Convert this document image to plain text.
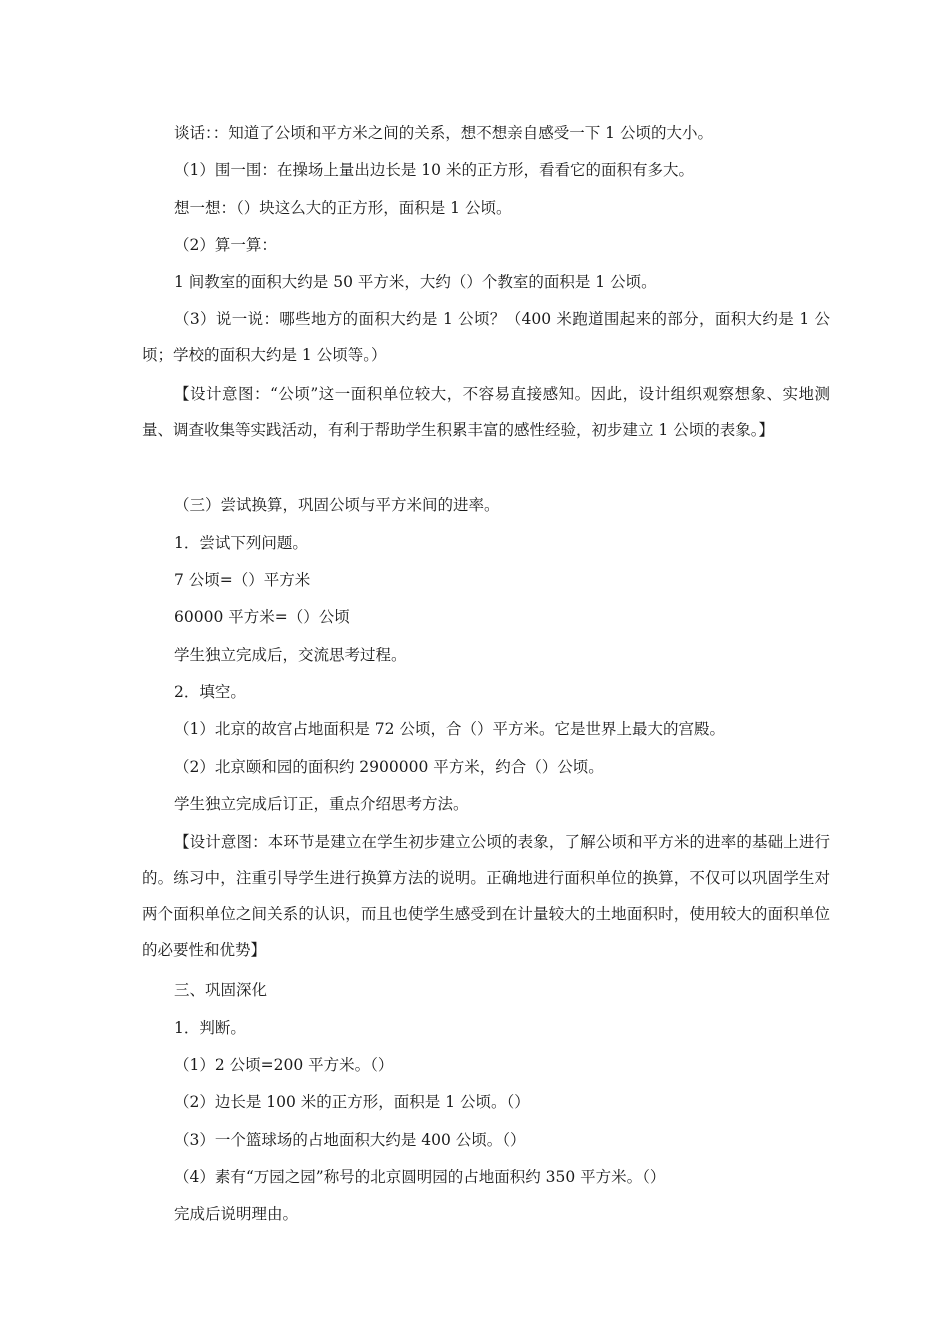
谈话：：知道了公顷和平方米之间的关系，想不想亲自感受一下 1 公顷的大小。

（1）围一围：在操场上量出边长是 10 米的正方形，看看它的面积有多大。

想一想：（）块这么大的正方形，面积是 1 公顷。

（2）算一算：

1 间教室的面积大约是 50 平方米，大约（）个教室的面积是 1 公顷。

（3）说一说：哪些地方的面积大约是 1 公顷？（400 米跑道围起来的部分，面积大约是 1 公顷；学校的面积大约是 1 公顷等。）

【设计意图：“公顷”这一面积单位较大，不容易直接感知。因此，设计组织观察想象、实地测量、调查收集等实践活动，有利于帮助学生积累丰富的感性经验，初步建立 1 公顷的表象。】

（三）尝试换算，巩固公顷与平方米间的进率。

1．尝试下列问题。

7 公顷=（）平方米

60000 平方米=（）公顷

学生独立完成后，交流思考过程。

2．填空。

（1）北京的故宫占地面积是 72 公顷，合（）平方米。它是世界上最大的宫殿。

（2）北京颐和园的面积约 2900000 平方米，约合（）公顷。

学生独立完成后订正，重点介绍思考方法。

【设计意图：本环节是建立在学生初步建立公顷的表象，了解公顷和平方米的进率的基础上进行的。练习中，注重引导学生进行换算方法的说明。正确地进行面积单位的换算，不仅可以巩固学生对两个面积单位之间关系的认识，而且也使学生感受到在计量较大的土地面积时，使用较大的面积单位的必要性和优势】

三、巩固深化

1．判断。

（1）2 公顷=200 平方米。（）

（2）边长是 100 米的正方形，面积是 1 公顷。（）

（3）一个篮球场的占地面积大约是 400 公顷。（）

（4）素有“万园之园”称号的北京圆明园的占地面积约 350 平方米。（）

完成后说明理由。
